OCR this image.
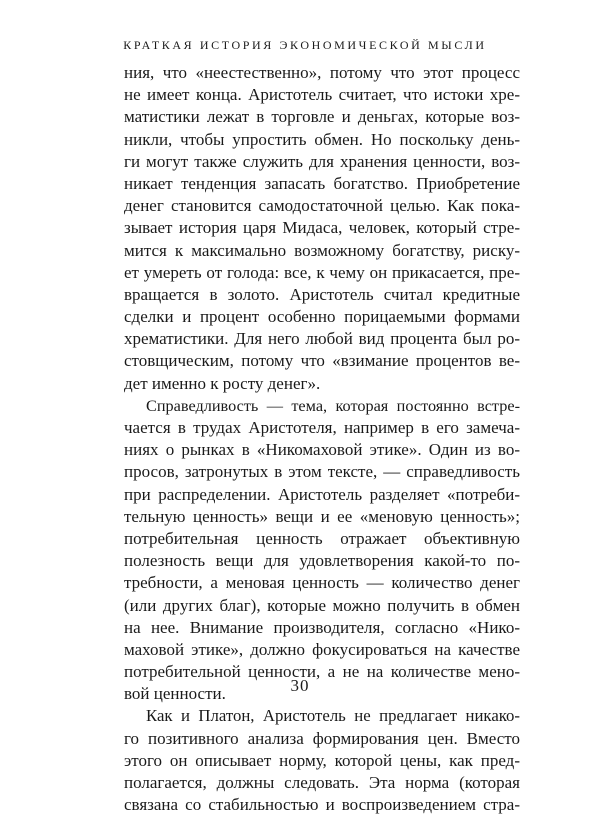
КРАТКАЯ ИСТОРИЯ ЭКОНОМИЧЕСКОЙ МЫСЛИ
ния, что «неестественно», потому что этот процесс
не имеет конца. Аристотель считает, что истоки хре-
матистики лежат в торговле и деньгах, которые воз-
никли, чтобы упростить обмен. Но поскольку день-
ги могут также служить для хранения ценности, воз-
никает тенденция запасать богатство. Приобретение
денег становится самодостаточной целью. Как пока-
зывает история царя Мидаса, человек, который стре-
мится к максимально возможному богатству, риску-
ет умереть от голода: все, к чему он прикасается, пре-
вращается в золото. Аристотель считал кредитные
сделки и процент особенно порицаемыми формами
хрематистики. Для него любой вид процента был ро-
стовщическим, потому что «взимание процентов ве-
дет именно к росту денег».
Справедливость — тема, которая постоянно встре-
чается в трудах Аристотеля, например в его замеча-
ниях о рынках в «Никомаховой этике». Один из во-
просов, затронутых в этом тексте, — справедливость
при распределении. Аристотель разделяет «потреби-
тельную ценность» вещи и ее «меновую ценность»;
потребительная ценность отражает объективную
полезность вещи для удовлетворения какой-то по-
требности, а меновая ценность — количество денег
(или других благ), которые можно получить в обмен
на нее. Внимание производителя, согласно «Нико-
маховой этике», должно фокусироваться на качестве
потребительной ценности, а не на количестве мено-
вой ценности.
Как и Платон, Аристотель не предлагает никако-
го позитивного анализа формирования цен. Вместо
этого он описывает норму, которой цены, как пред-
полагается, должны следовать. Эта норма (которая
связана со стабильностью и воспроизведением стра-
30
